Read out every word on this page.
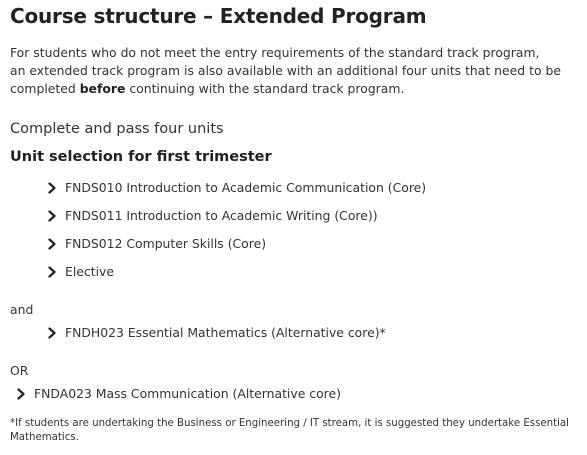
Course structure – Extended Program

For students who do not meet the entry requirements of the standard track program,
an extended track program is also available with an additional four units that need to be
completed before continuing with the standard track program.

Complete and pass four units

Unit selection for first trimester
FNDS010 Introduction to Academic Communication (Core)
FNDS011 Introduction to Academic Writing (Core))
FNDS012 Computer Skills (Core)
Elective

and

FNDH023 Essential Mathematics (Alternative core)*

OR

FNDA023 Mass Communication (Alternative core)

*If students are undertaking the Business or Engineering / IT stream, it is suggested they undertake Essential
Mathematics.
